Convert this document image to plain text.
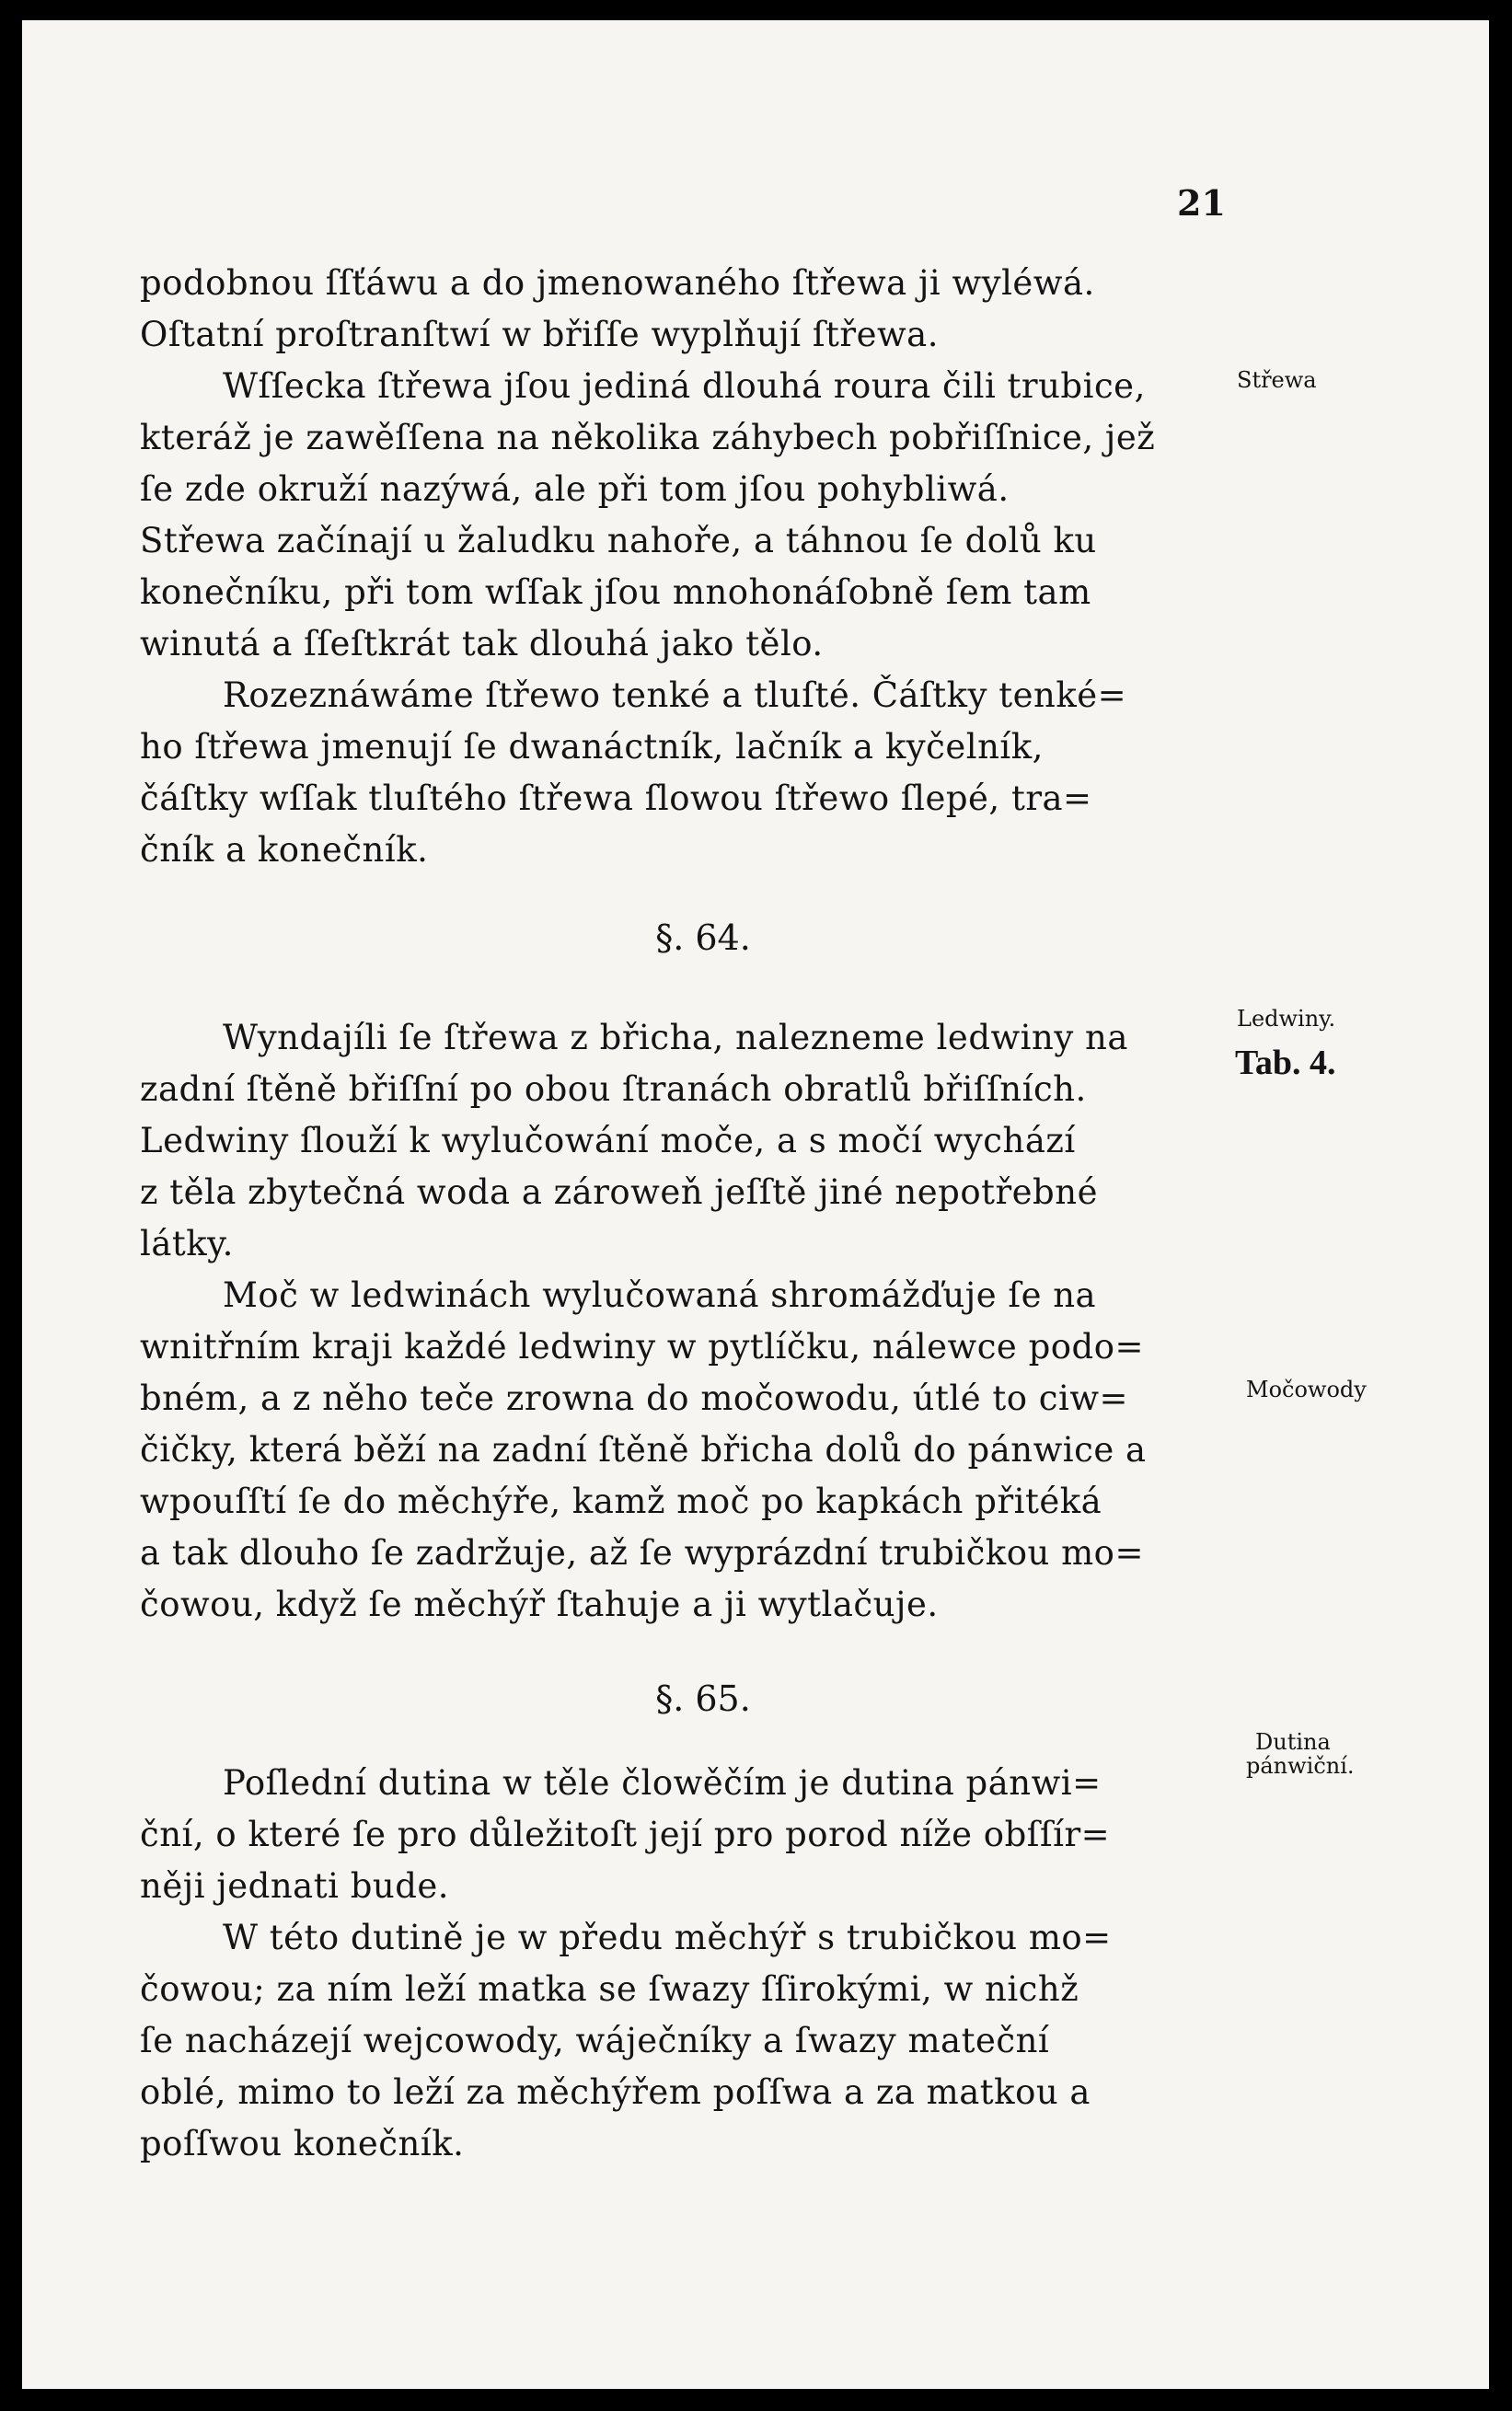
21
podobnou ſſťáwu a do jmenowaného ſtřewa ji wyléwá.
Oſtatní proſtranſtwí w břiſſe wyplňují ſtřewa.
Wſſecka ſtřewa jſou jediná dlouhá roura čili trubice,
kteráž je zawěſſena na několika záhybech pobřiſſnice, jež
ſe zde okruží nazýwá, ale při tom jſou pohybliwá.
Střewa začínají u žaludku nahoře, a táhnou ſe dolů ku
konečníku, při tom wſſak jſou mnohonáſobně ſem tam
winutá a ſſeſtkrát tak dlouhá jako tělo.
Rozeznáwáme ſtřewo tenké a tluſté. Čáſtky tenké=
ho ſtřewa jmenují ſe dwanáctník, lačník a kyčelník,
čáſtky wſſak tluſtého ſtřewa ſlowou ſtřewo ſlepé, tra=
čník a konečník.
§. 64.
Wyndajíli ſe ſtřewa z břicha, nalezneme ledwiny na
zadní ſtěně břiſſní po obou ſtranách obratlů břiſſních.
Ledwiny ſlouží k wylučowání moče, a s močí wychází
z těla zbytečná woda a zároweň jeſſtě jiné nepotřebné
látky.
Moč w ledwinách wylučowaná shromážďuje ſe na
wnitřním kraji každé ledwiny w pytlíčku, nálewce podo=
bném, a z něho teče zrowna do močowodu, útlé to ciw=
čičky, která běží na zadní ſtěně břicha dolů do pánwice a
wpouſſtí ſe do měchýře, kamž moč po kapkách přitéká
a tak dlouho ſe zadržuje, až ſe wyprázdní trubičkou mo=
čowou, když ſe měchýř ſtahuje a ji wytlačuje.
§. 65.
Poſlední dutina w těle člowěčím je dutina pánwi=
ční, o které ſe pro důležitoſt její pro porod níže obſſír=
něji jednati bude.
W této dutině je w předu měchýř s trubičkou mo=
čowou; za ním leží matka se ſwazy ſſirokými, w nichž
ſe nacházejí wejcowody, wáječníky a ſwazy mateční
oblé, mimo to leží za měchýřem poſſwa a za matkou a
poſſwou konečník.
Střewa
Ledwiny.
Tab. 4.
Močowody
Dutina
pánwiční.
